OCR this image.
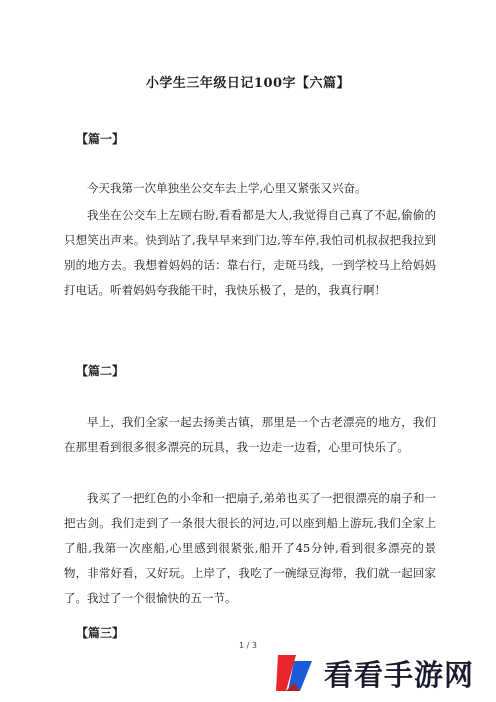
小学生三年级日记100字【六篇】
【篇一】

今天我第一次单独坐公交车去上学,心里又紧张又兴奋。

我坐在公交车上左顾右盼,看看都是大人,我觉得自己真了不起,偷偷的只想笑出声来。快到站了,我早早来到门边,等车停,我怕司机叔叔把我拉到别的地方去。我想着妈妈的话：靠右行，走斑马线，一到学校马上给妈妈打电话。听着妈妈夸我能干时，我快乐极了，是的，我真行啊！

【篇二】

早上，我们全家一起去扬美古镇，那里是一个古老漂亮的地方，我们在那里看到很多很多漂亮的玩具，我一边走一边看，心里可快乐了。

我买了一把红色的小伞和一把扇子,弟弟也买了一把很漂亮的扇子和一把古剑。我们走到了一条很大很长的河边,可以座到船上游玩,我们全家上了船,我第一次座船,心里感到很紧张,船开了45分钟,看到很多漂亮的景物，非常好看，又好玩。上岸了，我吃了一碗绿豆海带，我们就一起回家了。我过了一个很愉快的五一节。

【篇三】
1 / 3
看看手游网
